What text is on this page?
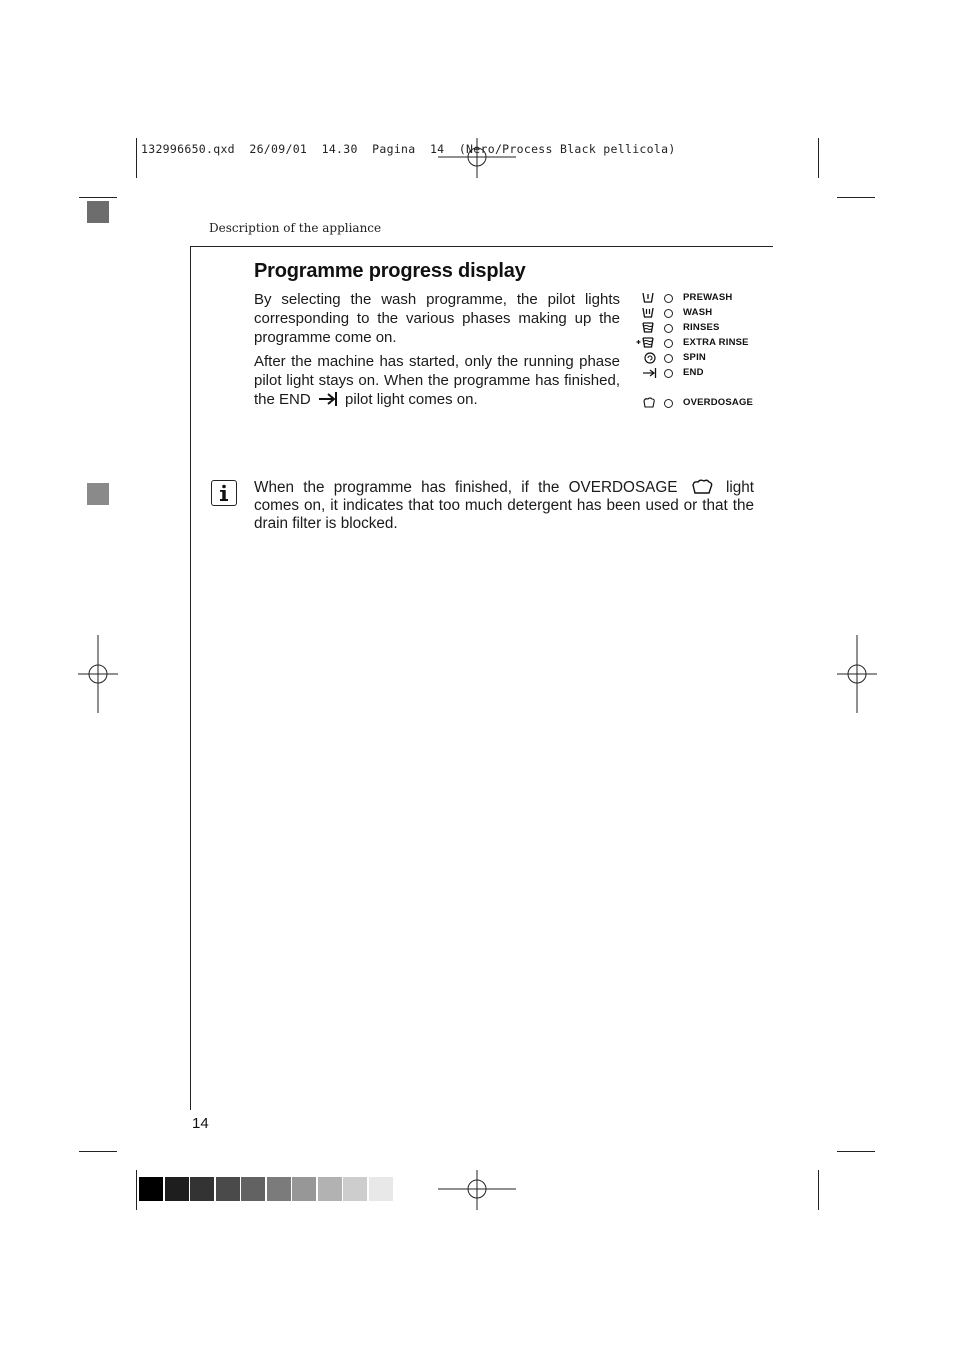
132996650.qxd  26/09/01  14.30  Pagina  14  (Nero/Process Black pellicola)
Description of the appliance
Programme progress display
By selecting the wash programme, the pilot lights corresponding to the various phases making up the programme come on.
After the machine has started, only the running phase pilot light stays on. When the programme has finished, the END pilot light comes on.
PREWASH
WASH
RINSES
EXTRA RINSE
SPIN
END
OVERDOSAGE
When the programme has finished, if the OVERDOSAGE	light comes on, it indicates that too much detergent has been used or that the drain filter is blocked.
14
